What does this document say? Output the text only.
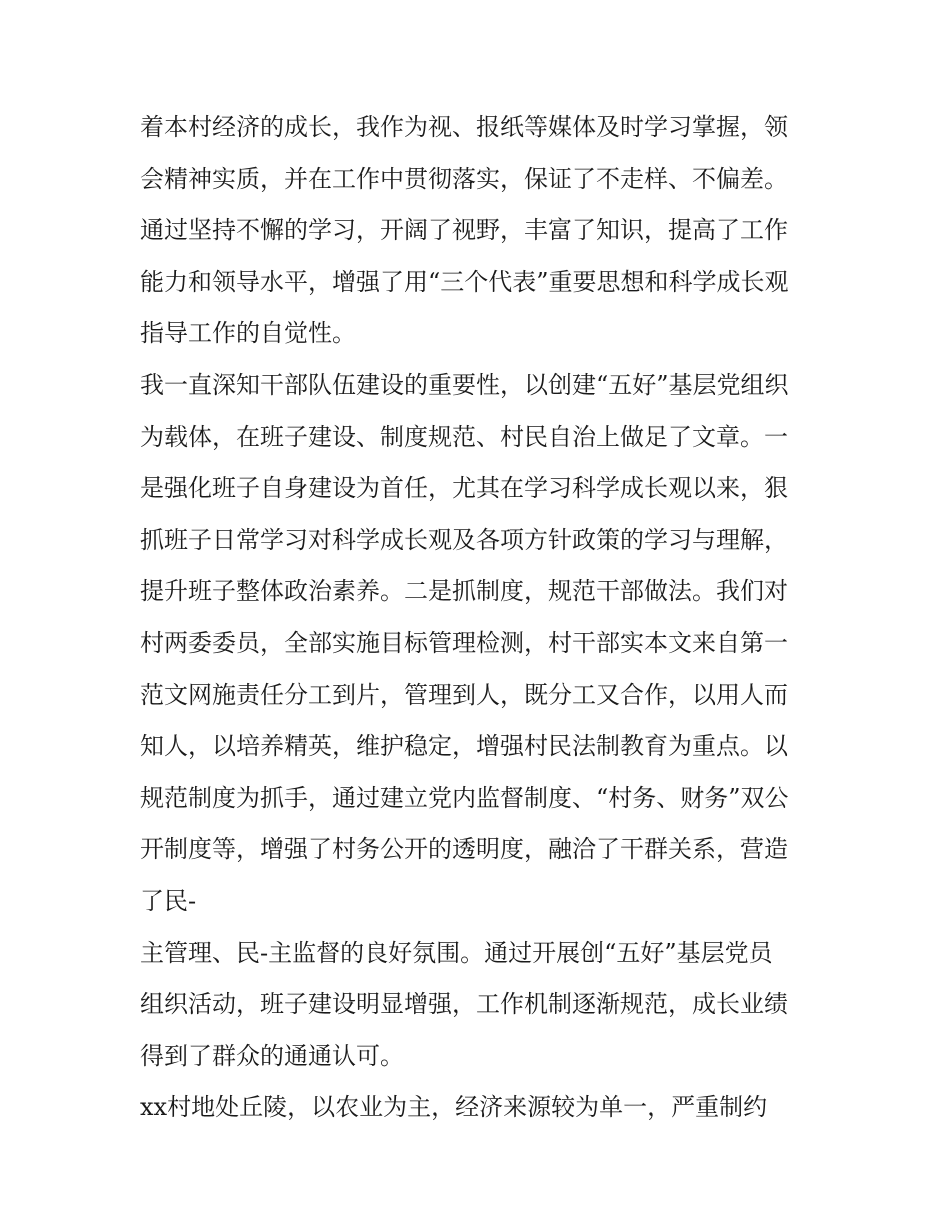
着本村经济的成长，我作为视、报纸等媒体及时学习掌握，领
会精神实质，并在工作中贯彻落实，保证了不走样、不偏差。
通过坚持不懈的学习，开阔了视野，丰富了知识，提高了工作
能力和领导水平，增强了用“三个代表”重要思想和科学成长观
指导工作的自觉性。
我一直深知干部队伍建设的重要性，以创建“五好”基层党组织
为载体，在班子建设、制度规范、村民自治上做足了文章。一
是强化班子自身建设为首任，尤其在学习科学成长观以来，狠
抓班子日常学习对科学成长观及各项方针政策的学习与理解，
提升班子整体政治素养。二是抓制度，规范干部做法。我们对
村两委委员，全部实施目标管理检测，村干部实本文来自第一
范文网施责任分工到片，管理到人，既分工又合作，以用人而
知人，以培养精英，维护稳定，增强村民法制教育为重点。以
规范制度为抓手，通过建立党内监督制度、“村务、财务”双公
开制度等，增强了村务公开的透明度，融洽了干群关系，营造
了民-
主管理、民-主监督的良好氛围。通过开展创“五好”基层党员
组织活动，班子建设明显增强，工作机制逐渐规范，成长业绩
得到了群众的通通认可。
xx村地处丘陵，以农业为主，经济来源较为单一，严重制约
